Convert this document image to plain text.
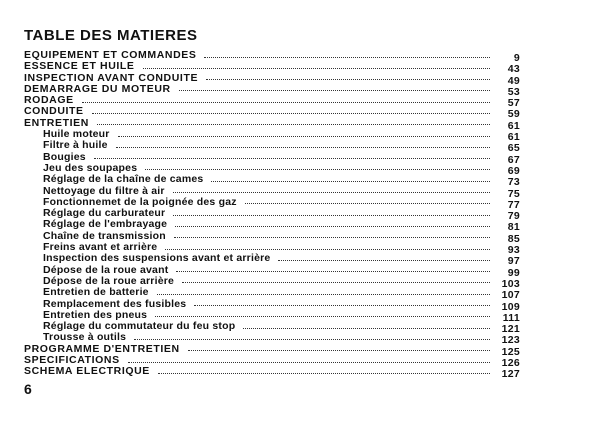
TABLE DES MATIERES
EQUIPEMENT ET COMMANDES	9
ESSENCE ET HUILE	43
INSPECTION AVANT CONDUITE	49
DEMARRAGE DU MOTEUR	53
RODAGE	57
CONDUITE	59
ENTRETIEN	61
Huile moteur	61
Filtre à huile	65
Bougies	67
Jeu des soupapes	69
Réglage de la chaîne de cames	73
Nettoyage du filtre à air	75
Fonctionnemet de la poignée des gaz	77
Réglage du carburateur	79
Réglage de l'embrayage	81
Chaîne de transmission	85
Freins avant et arrière	93
Inspection des suspensions avant et arrière	97
Dépose de la roue avant	99
Dépose de la roue arrière	103
Entretien de batterie	107
Remplacement des fusibles	109
Entretien des pneus	111
Réglage du commutateur du feu stop	121
Trousse à outils	123
PROGRAMME D'ENTRETIEN	125
SPECIFICATIONS	126
SCHEMA ELECTRIQUE	127

6
